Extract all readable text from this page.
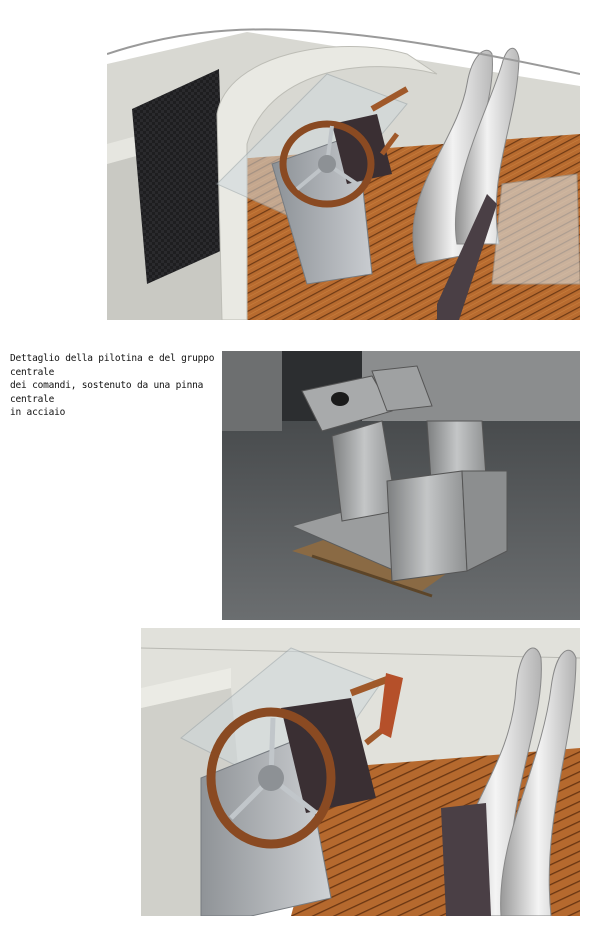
Dettaglio della pilotina e del gruppo centrale
dei comandi, sostenuto da una pinna centrale
in acciaio
